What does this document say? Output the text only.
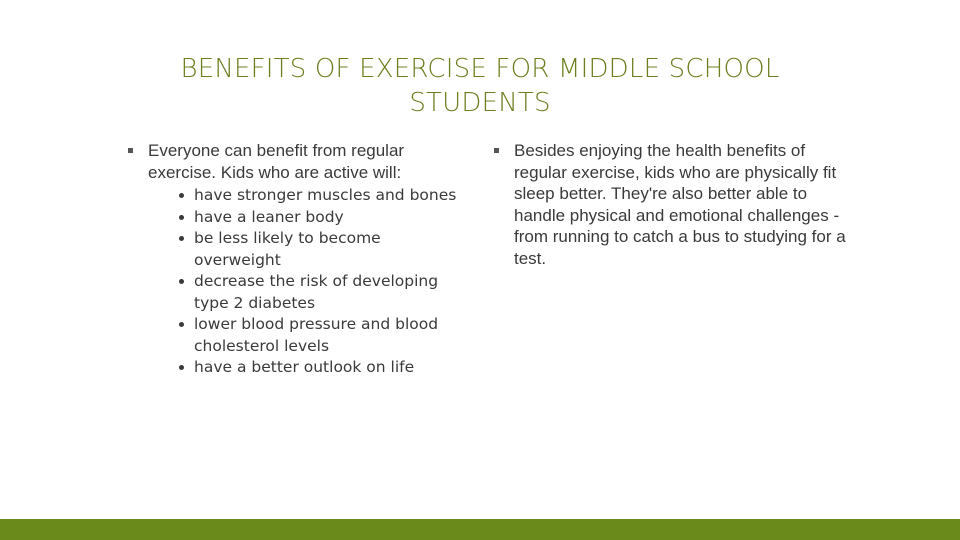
BENEFITS OF EXERCISE FOR MIDDLE SCHOOL STUDENTS
Everyone can benefit from regular exercise. Kids who are active will:
have stronger muscles and bones
have a leaner body
be less likely to become overweight
decrease the risk of developing type 2 diabetes
lower blood pressure and blood cholesterol levels
have a better outlook on life
Besides enjoying the health benefits of regular exercise, kids who are physically fit sleep better. They're also better able to handle physical and emotional challenges - from running to catch a bus to studying for a test.
